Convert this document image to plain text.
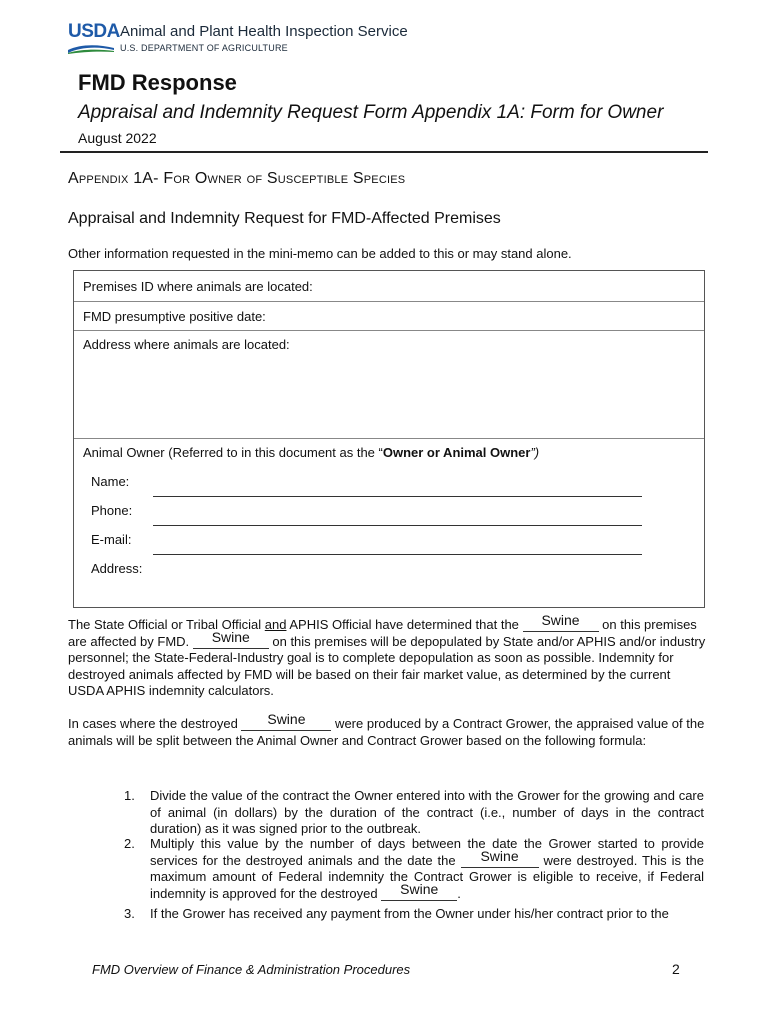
USDA Animal and Plant Health Inspection Service
U.S. DEPARTMENT OF AGRICULTURE
FMD Response
Appraisal and Indemnity Request Form Appendix 1A: Form for Owner
August 2022
Appendix 1A- For Owner of Susceptible Species
Appraisal and Indemnity Request for FMD-Affected Premises
Other information requested in the mini-memo can be added to this or may stand alone.
Premises ID where animals are located:
FMD presumptive positive date:
Address where animals are located:
Animal Owner (Referred to in this document as the “Owner or Animal Owner”)
Name:
Phone:
E-mail:
Address:
The State Official or Tribal Official and APHIS Official have determined that the Swine on this premises are affected by FMD. Swine on this premises will be depopulated by State and/or APHIS and/or industry personnel; the State-Federal-Industry goal is to complete depopulation as soon as possible. Indemnity for destroyed animals affected by FMD will be based on their fair market value, as determined by the current USDA APHIS indemnity calculators.
In cases where the destroyed Swine were produced by a Contract Grower, the appraised value of the animals will be split between the Animal Owner and Contract Grower based on the following formula:
1. Divide the value of the contract the Owner entered into with the Grower for the growing and care of animal (in dollars) by the duration of the contract (i.e., number of days in the contract duration) as it was signed prior to the outbreak.
2. Multiply this value by the number of days between the date the Grower started to provide services for the destroyed animals and the date the Swine were destroyed. This is the maximum amount of Federal indemnity the Contract Grower is eligible to receive, if Federal indemnity is approved for the destroyed Swine .
3. If the Grower has received any payment from the Owner under his/her contract prior to the
FMD Overview of Finance & Administration Procedures	2
